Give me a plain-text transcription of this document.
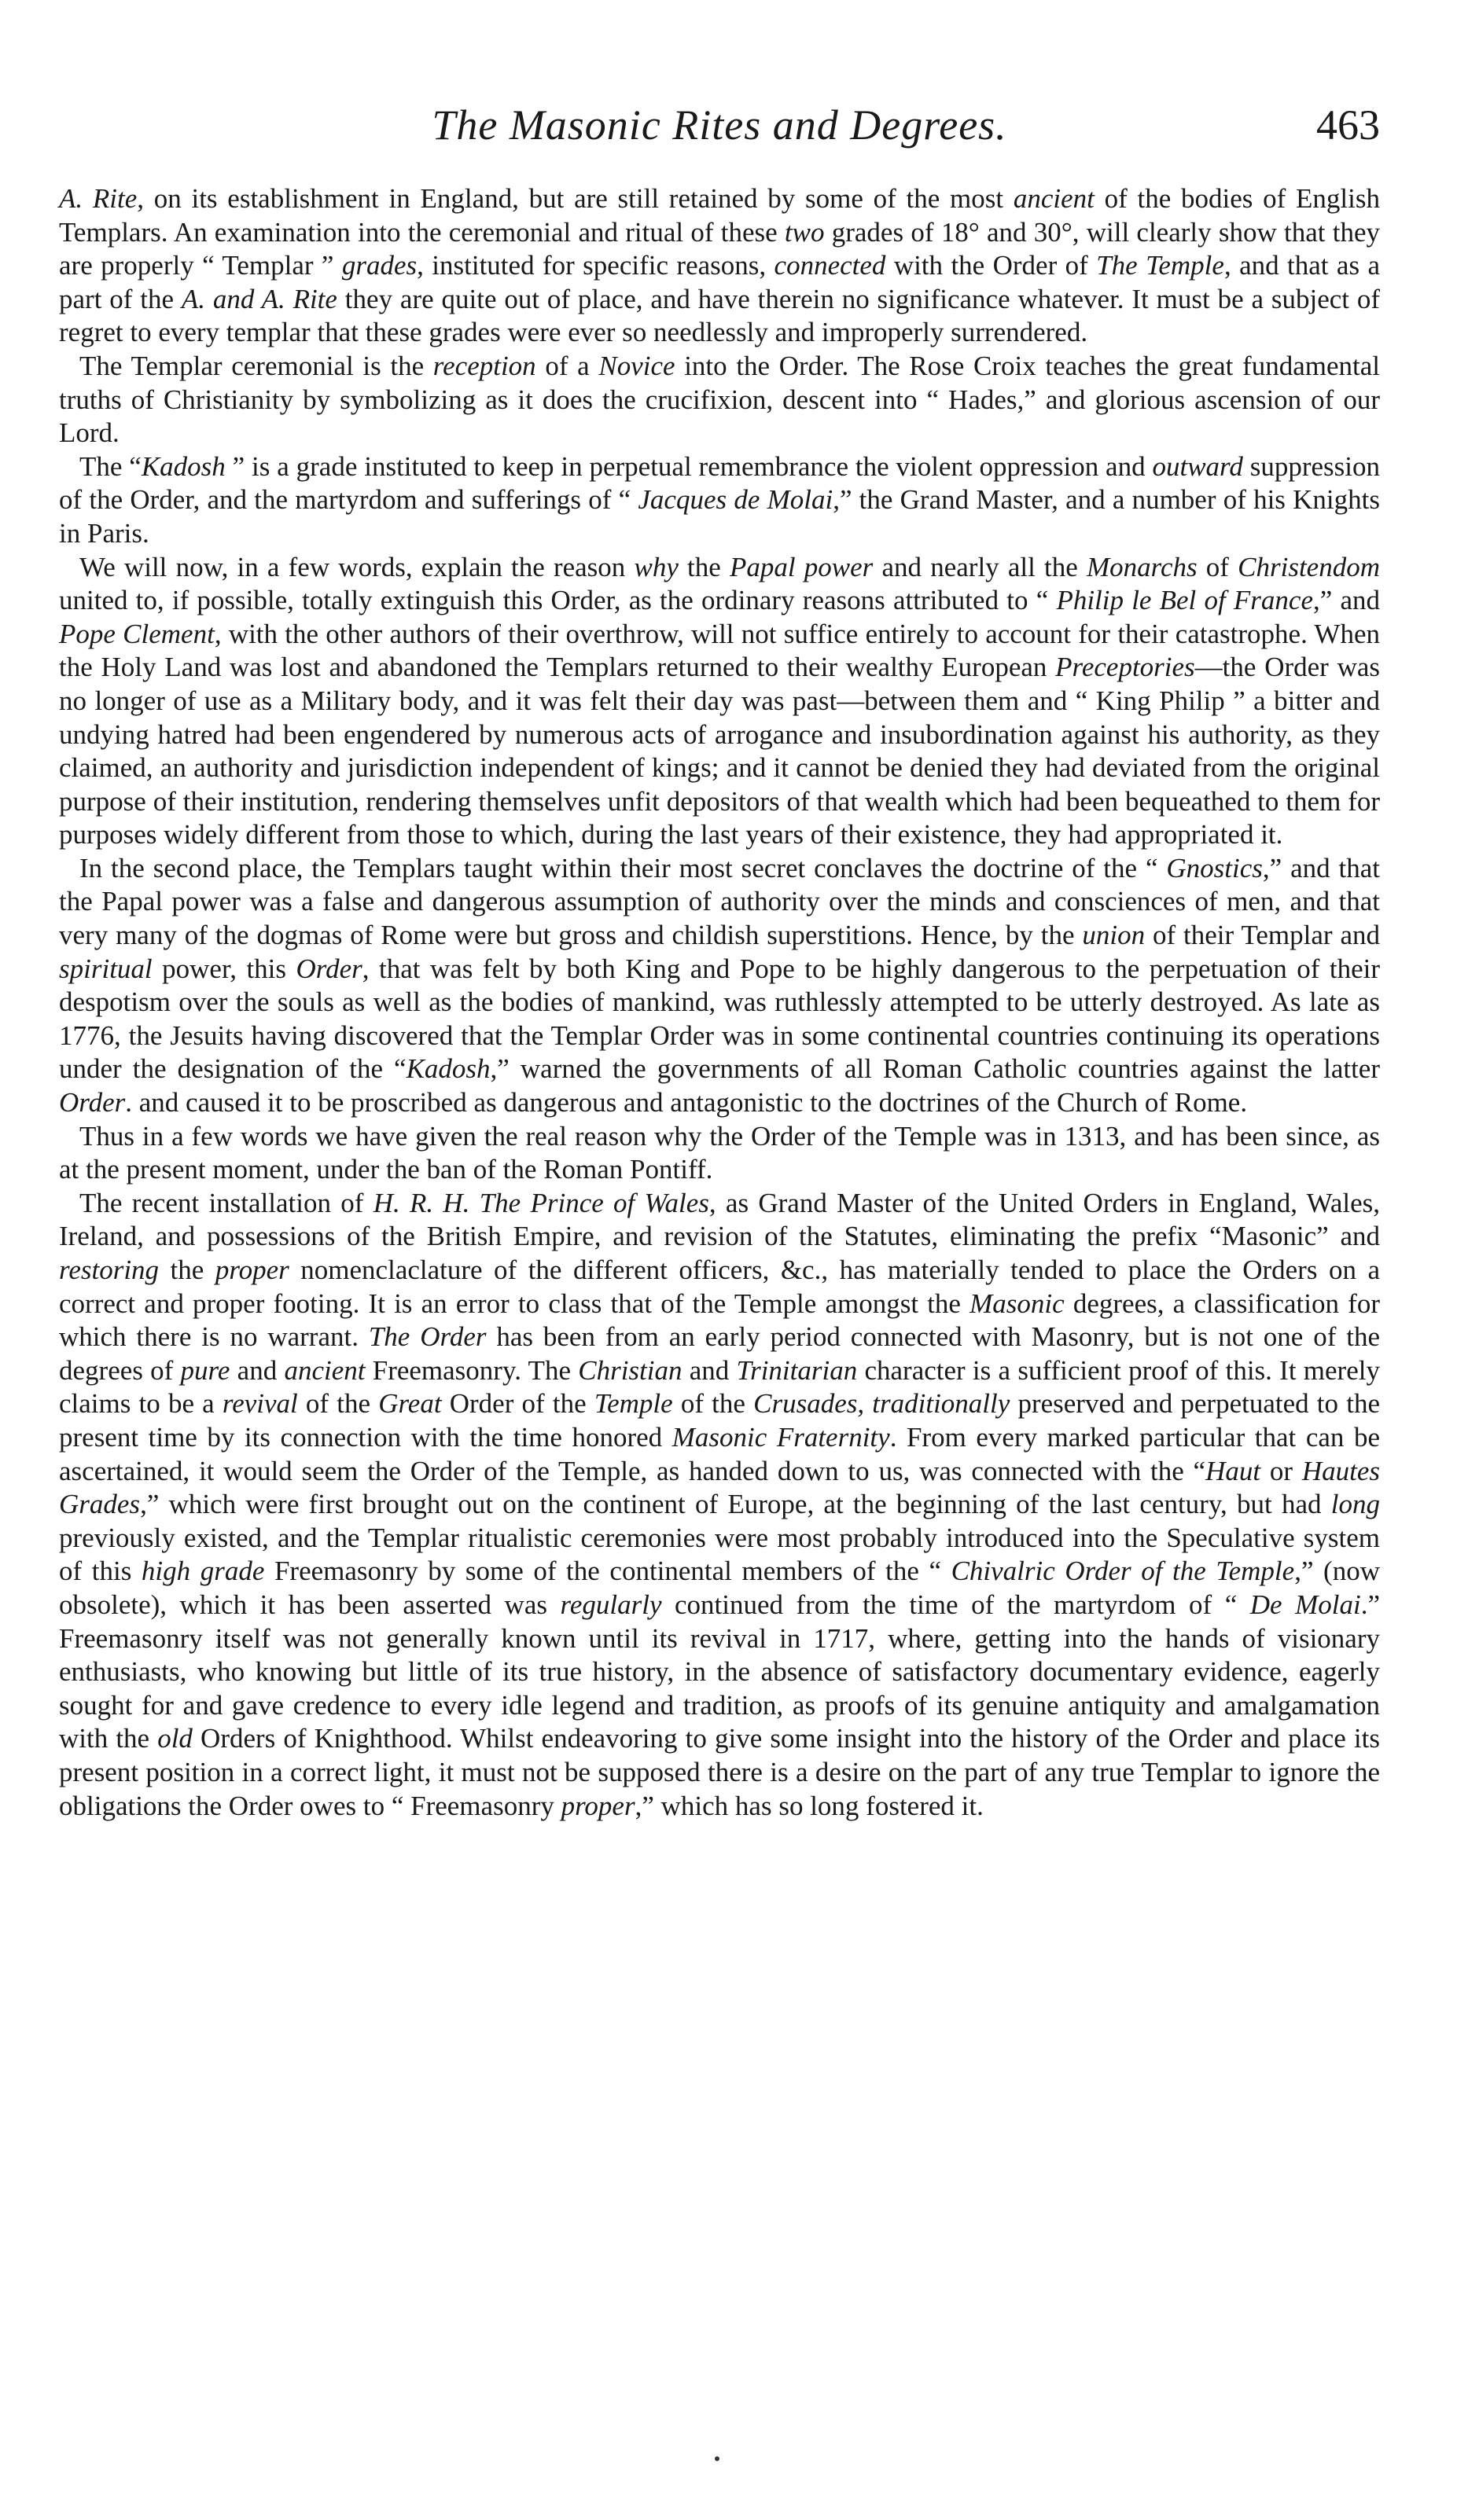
The Masonic Rites and Degrees.	463

A. Rite, on its establishment in England, but are still retained by some of the most ancient of the bodies of English Templars. An examination into the ceremonial and ritual of these two grades of 18° and 30°, will clearly show that they are properly “ Templar ” grades, instituted for specific reasons, connected with the Order of The Temple, and that as a part of the A. and A. Rite they are quite out of place, and have therein no significance whatever. It must be a subject of regret to every templar that these grades were ever so needlessly and improperly surrendered.

The Templar ceremonial is the reception of a Novice into the Order. The Rose Croix teaches the great fundamental truths of Christianity by symbolizing as it does the crucifixion, descent into “ Hades,” and glorious ascension of our Lord.

The “Kadosh ” is a grade instituted to keep in perpetual remembrance the violent oppression and outward suppression of the Order, and the martyrdom and sufferings of “ Jacques de Molai,” the Grand Master, and a number of his Knights in Paris.

We will now, in a few words, explain the reason why the Papal power and nearly all the Monarchs of Christendom united to, if possible, totally extinguish this Order, as the ordinary reasons attributed to “ Philip le Bel of France,” and Pope Clement, with the other authors of their overthrow, will not suffice entirely to account for their catastrophe. When the Holy Land was lost and abandoned the Templars returned to their wealthy European Preceptories—the Order was no longer of use as a Military body, and it was felt their day was past—between them and “ King Philip ” a bitter and undying hatred had been engendered by numerous acts of arrogance and insubordination against his authority, as they claimed, an authority and jurisdiction independent of kings; and it cannot be denied they had deviated from the original purpose of their institution, rendering themselves unfit depositors of that wealth which had been bequeathed to them for purposes widely different from those to which, during the last years of their existence, they had appropriated it.

In the second place, the Templars taught within their most secret conclaves the doctrine of the “ Gnostics,” and that the Papal power was a false and dangerous assumption of authority over the minds and consciences of men, and that very many of the dogmas of Rome were but gross and childish superstitions. Hence, by the union of their Templar and spiritual power, this Order, that was felt by both King and Pope to be highly dangerous to the perpetuation of their despotism over the souls as well as the bodies of mankind, was ruthlessly attempted to be utterly destroyed. As late as 1776, the Jesuits having discovered that the Templar Order was in some continental countries continuing its operations under the designation of the “Kadosh,” warned the governments of all Roman Catholic countries against the latter Order. and caused it to be proscribed as dangerous and antagonistic to the doctrines of the Church of Rome.

Thus in a few words we have given the real reason why the Order of the Temple was in 1313, and has been since, as at the present moment, under the ban of the Roman Pontiff.

The recent installation of H. R. H. The Prince of Wales, as Grand Master of the United Orders in England, Wales, Ireland, and possessions of the British Empire, and revision of the Statutes, eliminating the prefix “Masonic” and restoring the proper nomenclaclature of the different officers, &c., has materially tended to place the Orders on a correct and proper footing. It is an error to class that of the Temple amongst the Masonic degrees, a classification for which there is no warrant. The Order has been from an early period connected with Masonry, but is not one of the degrees of pure and ancient Freemasonry. The Christian and Trinitarian character is a sufficient proof of this. It merely claims to be a revival of the Great Order of the Temple of the Crusades, traditionally preserved and perpetuated to the present time by its connection with the time honored Masonic Fraternity. From every marked particular that can be ascertained, it would seem the Order of the Temple, as handed down to us, was connected with the “Haut or Hautes Grades,” which were first brought out on the continent of Europe, at the beginning of the last century, but had long previously existed, and the Templar ritualistic ceremonies were most probably introduced into the Speculative system of this high grade Freemasonry by some of the continental members of the “ Chivalric Order of the Temple,” (now obsolete), which it has been asserted was regularly continued from the time of the martyrdom of “ De Molai.” Freemasonry itself was not generally known until its revival in 1717, where, getting into the hands of visionary enthusiasts, who knowing but little of its true history, in the absence of satisfactory documentary evidence, eagerly sought for and gave credence to every idle legend and tradition, as proofs of its genuine antiquity and amalgamation with the old Orders of Knighthood. Whilst endeavoring to give some insight into the history of the Order and place its present position in a correct light, it must not be supposed there is a desire on the part of any true Templar to ignore the obligations the Order owes to “ Freemasonry proper,” which has so long fostered it.
